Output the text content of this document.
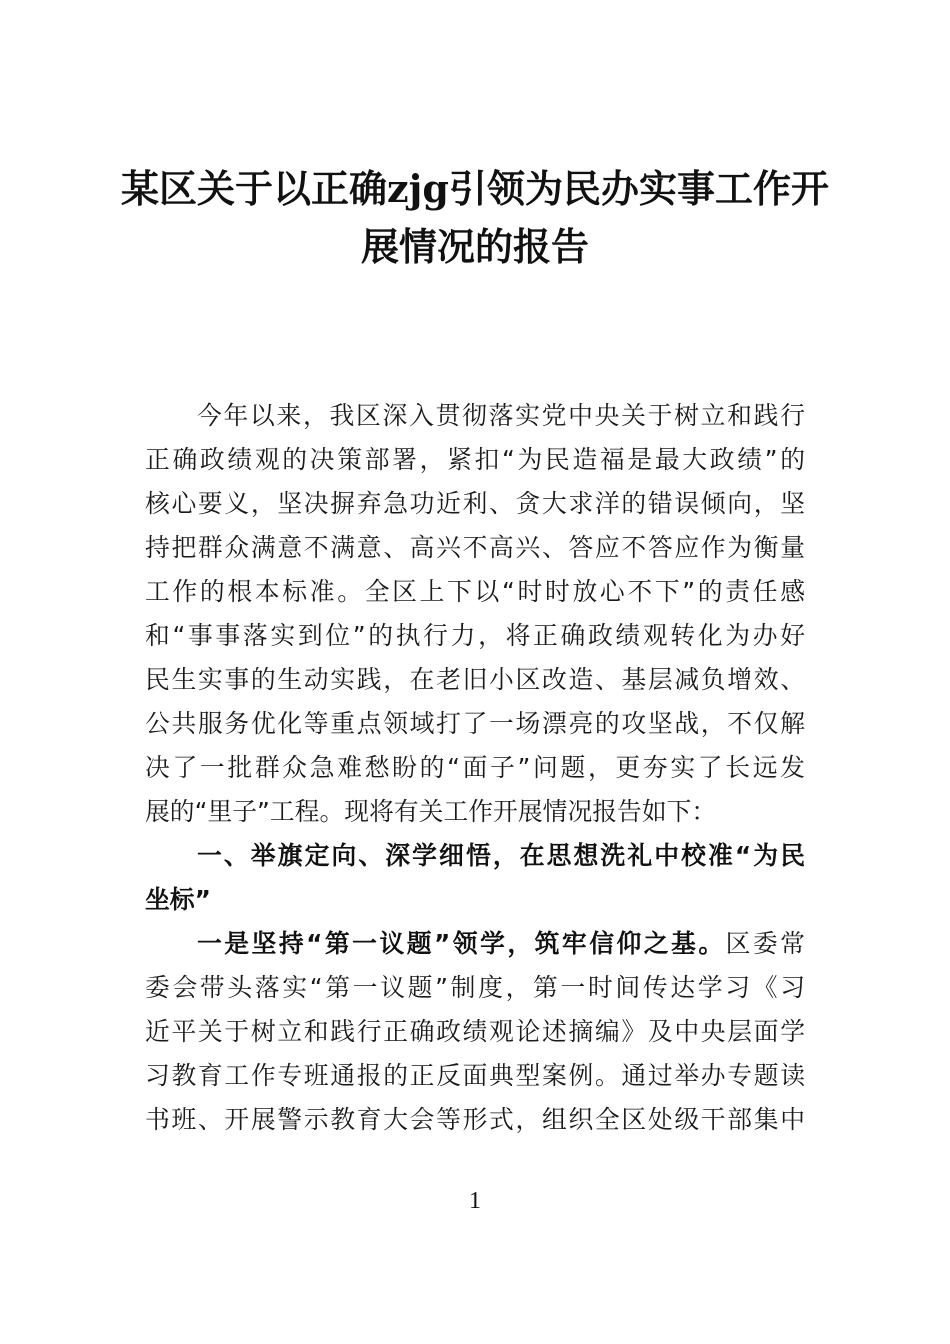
某区关于以正确zjg引领为民办实事工作开
展情况的报告
今年以来，我区深入贯彻落实党中央关于树立和践行
正确政绩观的决策部署，紧扣“为民造福是最大政绩”的
核心要义，坚决摒弃急功近利、贪大求洋的错误倾向，坚
持把群众满意不满意、高兴不高兴、答应不答应作为衡量
工作的根本标准。全区上下以“时时放心不下”的责任感
和“事事落实到位”的执行力，将正确政绩观转化为办好
民生实事的生动实践，在老旧小区改造、基层减负增效、
公共服务优化等重点领域打了一场漂亮的攻坚战，不仅解
决了一批群众急难愁盼的“面子”问题，更夯实了长远发
展的“里子”工程。现将有关工作开展情况报告如下：
一、举旗定向、深学细悟，在思想洗礼中校准“为民
坐标”
一是坚持“第一议题”领学，筑牢信仰之基。区委常
委会带头落实“第一议题”制度，第一时间传达学习《习
近平关于树立和践行正确政绩观论述摘编》及中央层面学
习教育工作专班通报的正反面典型案例。通过举办专题读
书班、开展警示教育大会等形式，组织全区处级干部集中
1
